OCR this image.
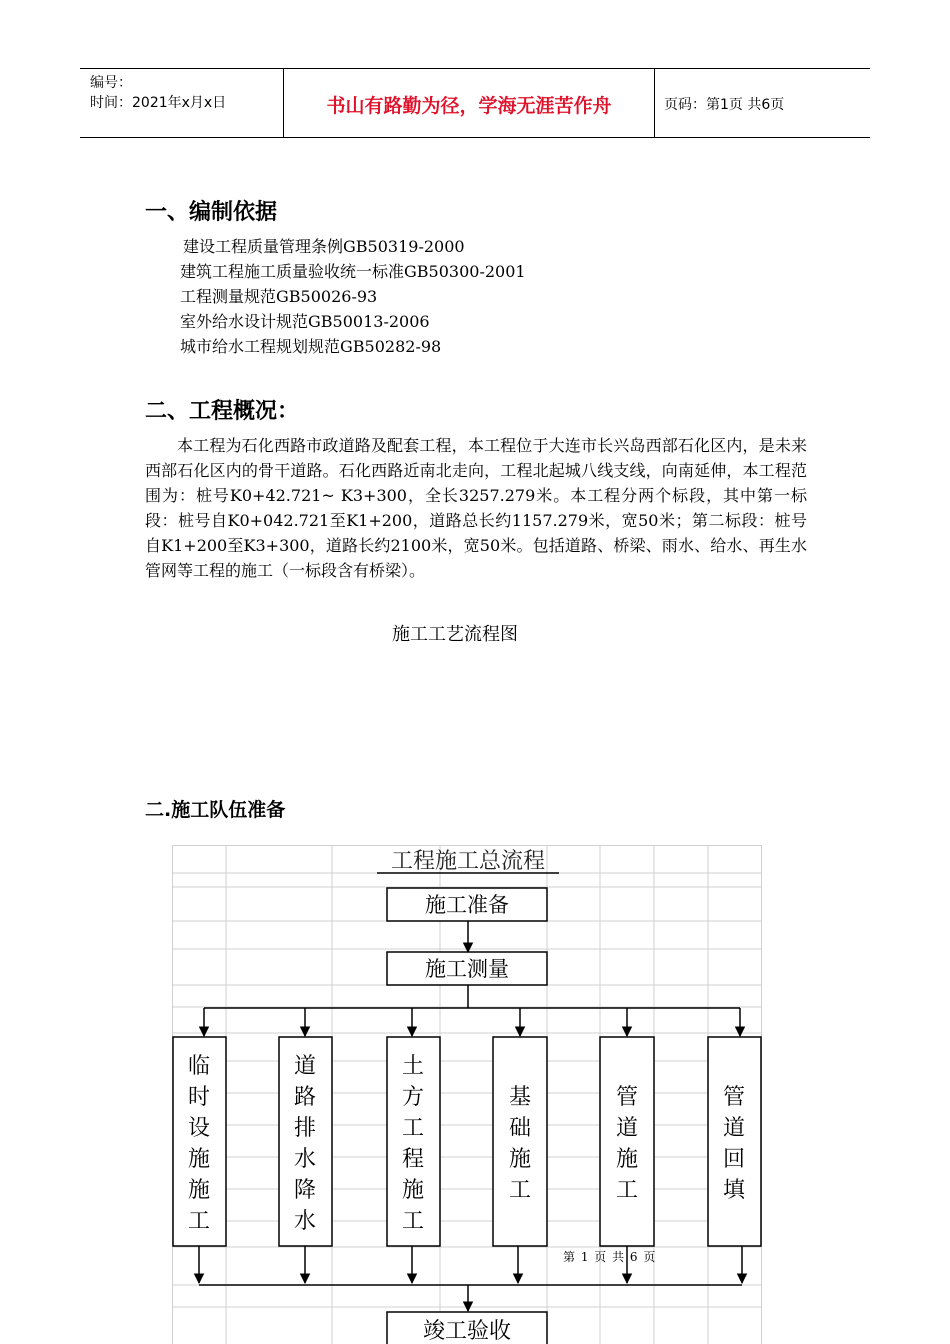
编号：
时间：2021年x月x日	书山有路勤为径，学海无涯苦作舟	页码：第1页 共6页
一、编制依据
建设工程质量管理条例GB50319-2000
建筑工程施工质量验收统一标准GB50300-2001
工程测量规范GB50026-93
室外给水设计规范GB50013-2006
城市给水工程规划规范GB50282-98
二、工程概况：

本工程为石化西路市政道路及配套工程，本工程位于大连市长兴岛西部石化区内，是未来西部石化区内的骨干道路。石化西路近南北走向，工程北起城八线支线，向南延伸，本工程范围为：桩号K0+42.721~ K3+300，全长3257.279米。本工程分两个标段，其中第一标段：桩号自K0+042.721至K1+200，道路总长约1157.279米，宽50米；第二标段：桩号自K1+200至K3+300，道路长约2100米，宽50米。包括道路、桥梁、雨水、给水、再生水管网等工程的施工（一标段含有桥梁）。

施工工艺流程图
二.施工队伍准备
工程施工总流程
施工准备
施工测量
临时设施施工
道路排水降水
土方工程施工
基础施工
管道施工
管道回填
竣工验收
第 1 页 共 6 页
